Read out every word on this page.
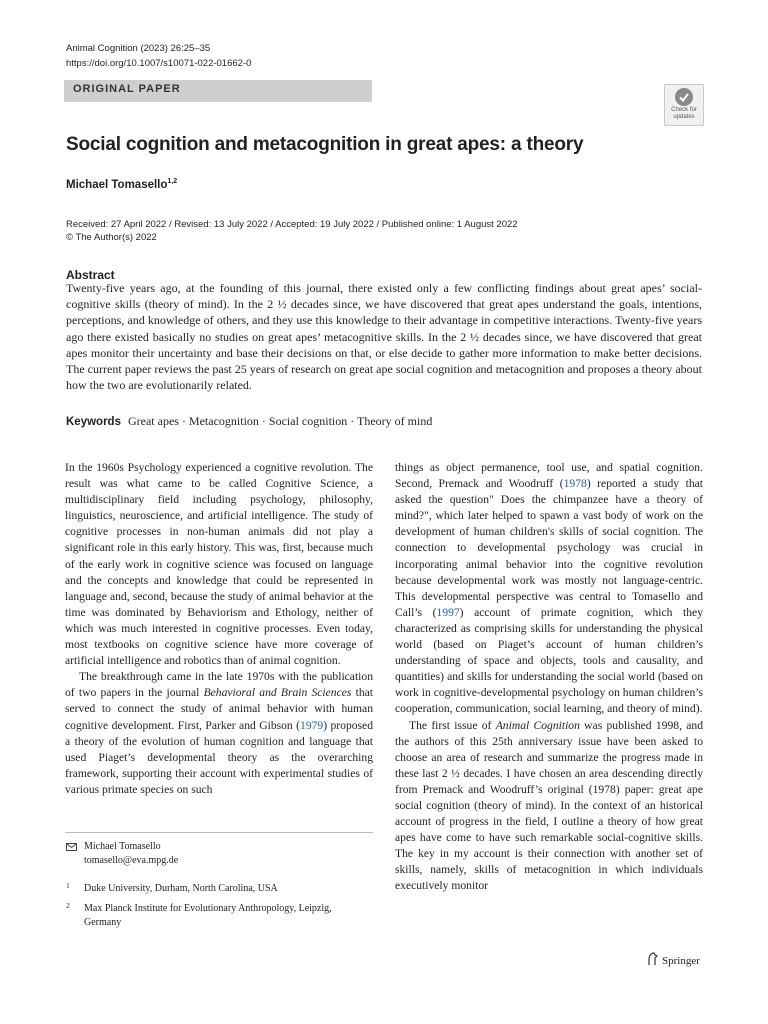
Animal Cognition (2023) 26:25–35
https://doi.org/10.1007/s10071-022-01662-0
ORIGINAL PAPER
Check for
updates
Social cognition and metacognition in great apes: a theory
Michael Tomasello$^{1,2}$
Received: 27 April 2022 / Revised: 13 July 2022 / Accepted: 19 July 2022 / Published online: 1 August 2022
© The Author(s) 2022
Abstract
Twenty-five years ago, at the founding of this journal, there existed only a few conflicting findings about great apes’ social-cognitive skills (theory of mind). In the 2 ½ decades since, we have discovered that great apes understand the goals, intentions, perceptions, and knowledge of others, and they use this knowledge to their advantage in competitive interactions. Twenty-five years ago there existed basically no studies on great apes’ metacognitive skills. In the 2 ½ decades since, we have discovered that great apes monitor their uncertainty and base their decisions on that, or else decide to gather more information to make better decisions. The current paper reviews the past 25 years of research on great ape social cognition and metacognition and proposes a theory about how the two are evolutionarily related.
Keywords Great apes · Metacognition · Social cognition · Theory of mind

In the 1960s Psychology experienced a cognitive revolution. The result was what came to be called Cognitive Science, a multidisciplinary field including psychology, philosophy, linguistics, neuroscience, and artificial intelligence. The study of cognitive processes in non-human animals did not play a significant role in this early history. This was, first, because much of the early work in cognitive science was focused on language and the concepts and knowledge that could be represented in language and, second, because the study of animal behavior at the time was dominated by Behaviorism and Ethology, neither of which was much interested in cognitive processes. Even today, most textbooks on cognitive science have more coverage of artificial intelligence and robotics than of animal cognition.

The breakthrough came in the late 1970s with the publication of two papers in the journal Behavioral and Brain Sciences that served to connect the study of animal behavior with human cognitive development. First, Parker and Gibson (1979) proposed a theory of the evolution of human cognition and language that used Piaget’s developmental theory as the overarching framework, supporting their account with experimental studies of various primate species on such

things as object permanence, tool use, and spatial cognition. Second, Premack and Woodruff (1978) reported a study that asked the question" Does the chimpanzee have a theory of mind?", which later helped to spawn a vast body of work on the development of human children's skills of social cognition. The connection to developmental psychology was crucial in incorporating animal behavior into the cognitive revolution because developmental work was mostly not language-centric. This developmental perspective was central to Tomasello and Call’s (1997) account of primate cognition, which they characterized as comprising skills for understanding the physical world (based on Piaget’s account of human children’s understanding of space and objects, tools and causality, and quantities) and skills for understanding the social world (based on work in cognitive-developmental psychology on human children’s cooperation, communication, social learning, and theory of mind).

The first issue of Animal Cognition was published 1998, and the authors of this 25th anniversary issue have been asked to choose an area of research and summarize the progress made in these last 2 ½ decades. I have chosen an area descending directly from Premack and Woodruff’s original (1978) paper: great ape social cognition (theory of mind). In the context of an historical account of progress in the field, I outline a theory of how great apes have come to have such remarkable social-cognitive skills. The key in my account is their connection with another set of skills, namely, skills of metacognition in which individuals executively monitor

Michael Tomasello
tomasello@eva.mpg.de
1 Duke University, Durham, North Carolina, USA
2 Max Planck Institute for Evolutionary Anthropology, Leipzig, Germany
Springer
